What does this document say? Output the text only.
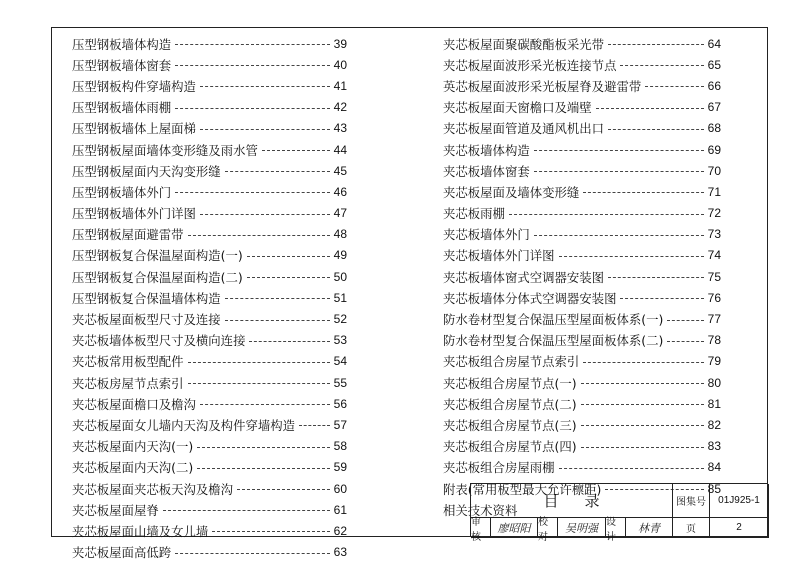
压型钢板墙体构造	39
压型钢板墙体窗套	40
压型钢板构件穿墙构造	41
压型钢板墙体雨棚	42
压型钢板墙体上屋面梯	43
压型钢板屋面墙体变形缝及雨水管	44
压型钢板屋面内天沟变形缝	45
压型钢板墙体外门	46
压型钢板墙体外门详图	47
压型钢板屋面避雷带	48
压型钢板复合保温屋面构造(一)	49
压型钢板复合保温屋面构造(二)	50
压型钢板复合保温墙体构造	51
夹芯板屋面板型尺寸及连接	52
夹芯板墙体板型尺寸及横向连接	53
夹芯板常用板型配件	54
夹芯板房屋节点索引	55
夹芯板屋面檐口及檐沟	56
夹芯板屋面女儿墙内天沟及构件穿墙构造	57
夹芯板屋面内天沟(一)	58
夹芯板屋面内天沟(二)	59
夹芯板屋面夹芯板天沟及檐沟	60
夹芯板屋面屋脊	61
夹芯板屋面山墙及女儿墙	62
夹芯板屋面高低跨	63
夹芯板屋面聚碳酸酯板采光带	64
夹芯板屋面波形采光板连接节点	65
英芯板屋面波形采光板屋脊及避雷带	66
夹芯板屋面天窗檐口及端壁	67
夹芯板屋面管道及通风机出口	68
夹芯板墙体构造	69
夹芯板墙体窗套	70
夹芯板屋面及墙体变形缝	71
夹芯板雨棚	72
夹芯板墙体外门	73
夹芯板墙体外门详图	74
夹芯板墙体窗式空调器安装图	75
夹芯板墙体分体式空调器安装图	76
防水卷材型复合保温压型屋面板体系(一)	77
防水卷材型复合保温压型屋面板体系(二)	78
夹芯板组合房屋节点索引	79
夹芯板组合房屋节点(一)	80
夹芯板组合房屋节点(二)	81
夹芯板组合房屋节点(三)	82
夹芯板组合房屋节点(四)	83
夹芯板组合房屋雨棚	84
附表(常用板型最大允许檩距)	85
相关技术资料
目录	图集号	01J925-1
审核
廖昭阳 校对
吴明强 设计
林青	页	2
